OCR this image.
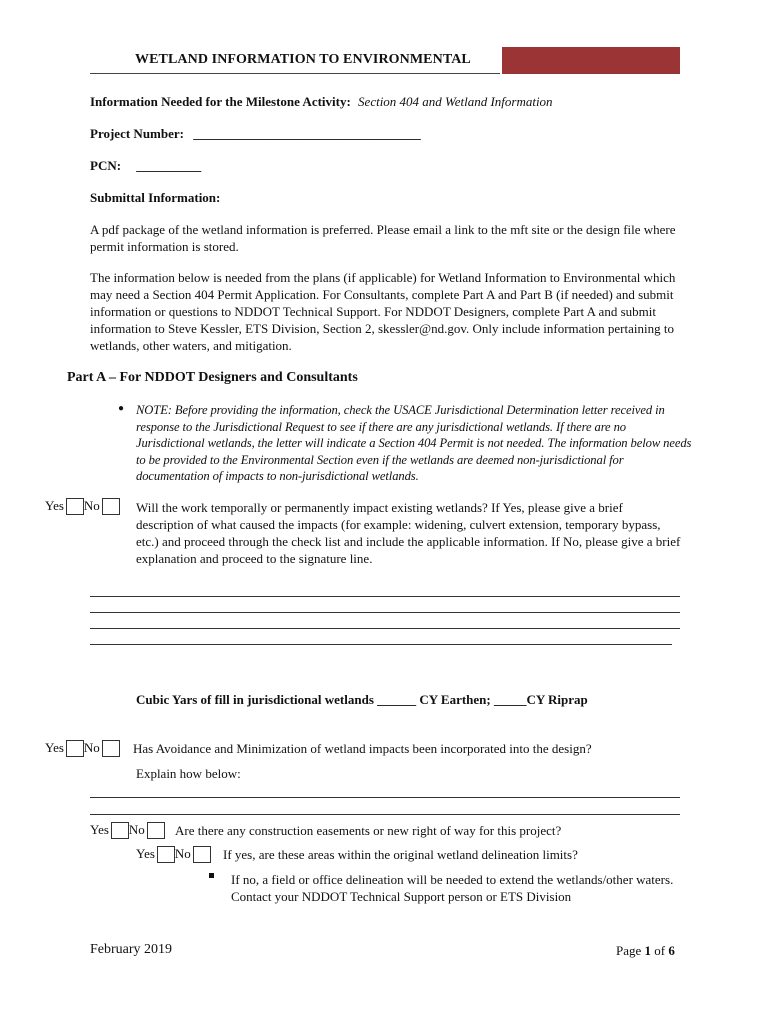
WETLAND INFORMATION TO ENVIRONMENTAL
Information Needed for the Milestone Activity: Section 404 and Wetland Information
Project Number: ___________________________________
PCN: __________
Submittal Information:
A pdf package of the wetland information is preferred. Please email a link to the mft site or the design file where permit information is stored.
The information below is needed from the plans (if applicable) for Wetland Information to Environmental which may need a Section 404 Permit Application. For Consultants, complete Part A and Part B (if needed) and submit information or questions to NDDOT Technical Support. For NDDOT Designers, complete Part A and submit information to Steve Kessler, ETS Division, Section 2, skessler@nd.gov. Only include information pertaining to wetlands, other waters, and mitigation.
Part A – For NDDOT Designers and Consultants
● NOTE: Before providing the information, check the USACE Jurisdictional Determination letter received in response to the Jurisdictional Request to see if there are any jurisdictional wetlands. If there are no Jurisdictional wetlands, the letter will indicate a Section 404 Permit is not needed. The information below needs to be provided to the Environmental Section even if the wetlands are deemed non-jurisdictional for documentation of impacts to non-jurisdictional wetlands.
Yes No	Will the work temporally or permanently impact existing wetlands? If Yes, please give a brief description of what caused the impacts (for example: widening, culvert extension, temporary bypass, etc.) and proceed through the check list and include the applicable information. If No, please give a brief explanation and proceed to the signature line.
Cubic Yars of fill in jurisdictional wetlands ______ CY Earthen; _____CY Riprap
Yes No	Has Avoidance and Minimization of wetland impacts been incorporated into the design?
Explain how below:
Yes No Are there any construction easements or new right of way for this project?
Yes No If yes, are these areas within the original wetland delineation limits?
If no, a field or office delineation will be needed to extend the wetlands/other waters. Contact your NDDOT Technical Support person or ETS Division
February 2019	Page 1 of 6
